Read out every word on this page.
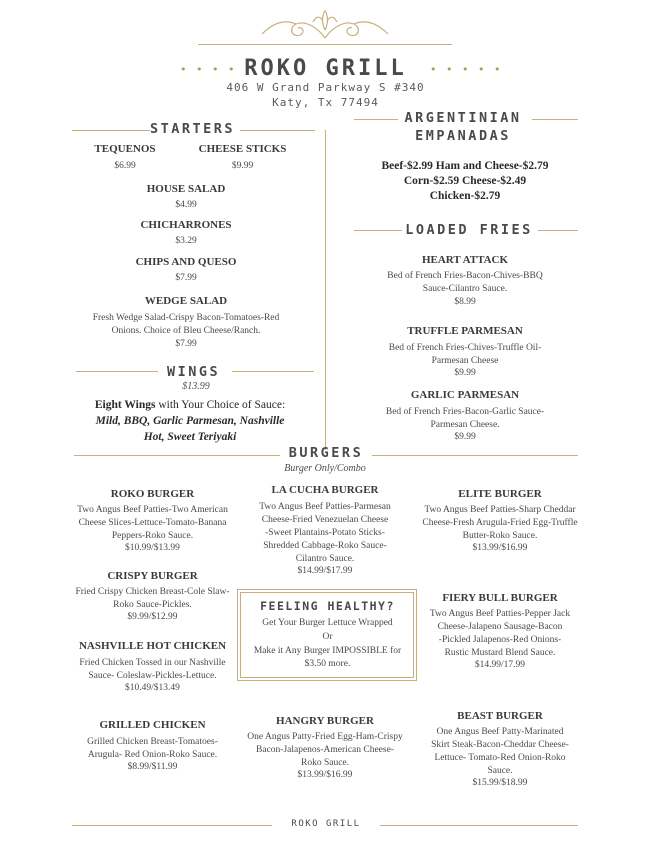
• • • • •	• • • • •
ROKO GRILL
406 W Grand Parkway S #340
Katy, Tx 77494
STARTERS
TEQUENOS
$6.99
CHEESE STICKS
$9.99
HOUSE SALAD
$4.99
CHICHARRONES
$3.29
CHIPS AND QUESO
$7.99
WEDGE SALAD
Fresh Wedge Salad-Crispy Bacon-Tomatoes-Red
Onions. Choice of Bleu Cheese/Ranch.
$7.99
WINGS
$13.99
Eight Wings with Your Choice of Sauce:
Mild, BBQ, Garlic Parmesan, Nashville
Hot, Sweet Teriyaki
ARGENTINIAN
EMPANADAS
Beef-$2.99 Ham and Cheese-$2.79
Corn-$2.59 Cheese-$2.49
Chicken-$2.79
LOADED FRIES
HEART ATTACK
Bed of French Fries-Bacon-Chives-BBQ
Sauce-Cilantro Sauce.
$8.99
TRUFFLE PARMESAN
Bed of French Fries-Chives-Truffle Oil-
Parmesan Cheese
$9.99
GARLIC PARMESAN
Bed of French Fries-Bacon-Garlic Sauce-
Parmesan Cheese.
$9.99
BURGERS
Burger Only/Combo
ROKO BURGER
Two Angus Beef Patties-Two American
Cheese Slices-Lettuce-Tomato-Banana
Peppers-Roko Sauce.
$10.99/$13.99
LA CUCHA BURGER
Two Angus Beef Patties-Parmesan
Cheese-Fried Venezuelan Cheese
-Sweet Plantains-Potato Sticks-
Shredded Cabbage-Roko Sauce-
Cilantro Sauce.
$14.99/$17.99
ELITE BURGER
Two Angus Beef Patties-Sharp Cheddar
Cheese-Fresh Arugula-Fried Egg-Truffle
Butter-Roko Sauce.
$13.99/$16.99
CRISPY BURGER
Fried Crispy Chicken Breast-Cole Slaw-
Roko Sauce-Pickles.
$9.99/$12.99
FEELING HEALTHY?
Get Your Burger Lettuce Wrapped
Or
Make it Any Burger IMPOSSIBLE for
$3.50 more.
FIERY BULL BURGER
Two Angus Beef Patties-Pepper Jack
Cheese-Jalapeno Sausage-Bacon
-Pickled Jalapenos-Red Onions-
Rustic Mustard Blend Sauce.
$14.99/17.99
NASHVILLE HOT CHICKEN
Fried Chicken Tossed in our Nashville
Sauce- Coleslaw-Pickles-Lettuce.
$10.49/$13.49
GRILLED CHICKEN
Grilled Chicken Breast-Tomatoes-
Arugula- Red Onion-Roko Sauce.
$8.99/$11.99
HANGRY BURGER
One Angus Patty-Fried Egg-Ham-Crispy
Bacon-Jalapenos-American Cheese-
Roko Sauce.
$13.99/$16.99
BEAST BURGER
One Angus Beef Patty-Marinated
Skirt Steak-Bacon-Cheddar Cheese-
Lettuce- Tomato-Red Onion-Roko
Sauce.
$15.99/$18.99
ROKO GRILL
